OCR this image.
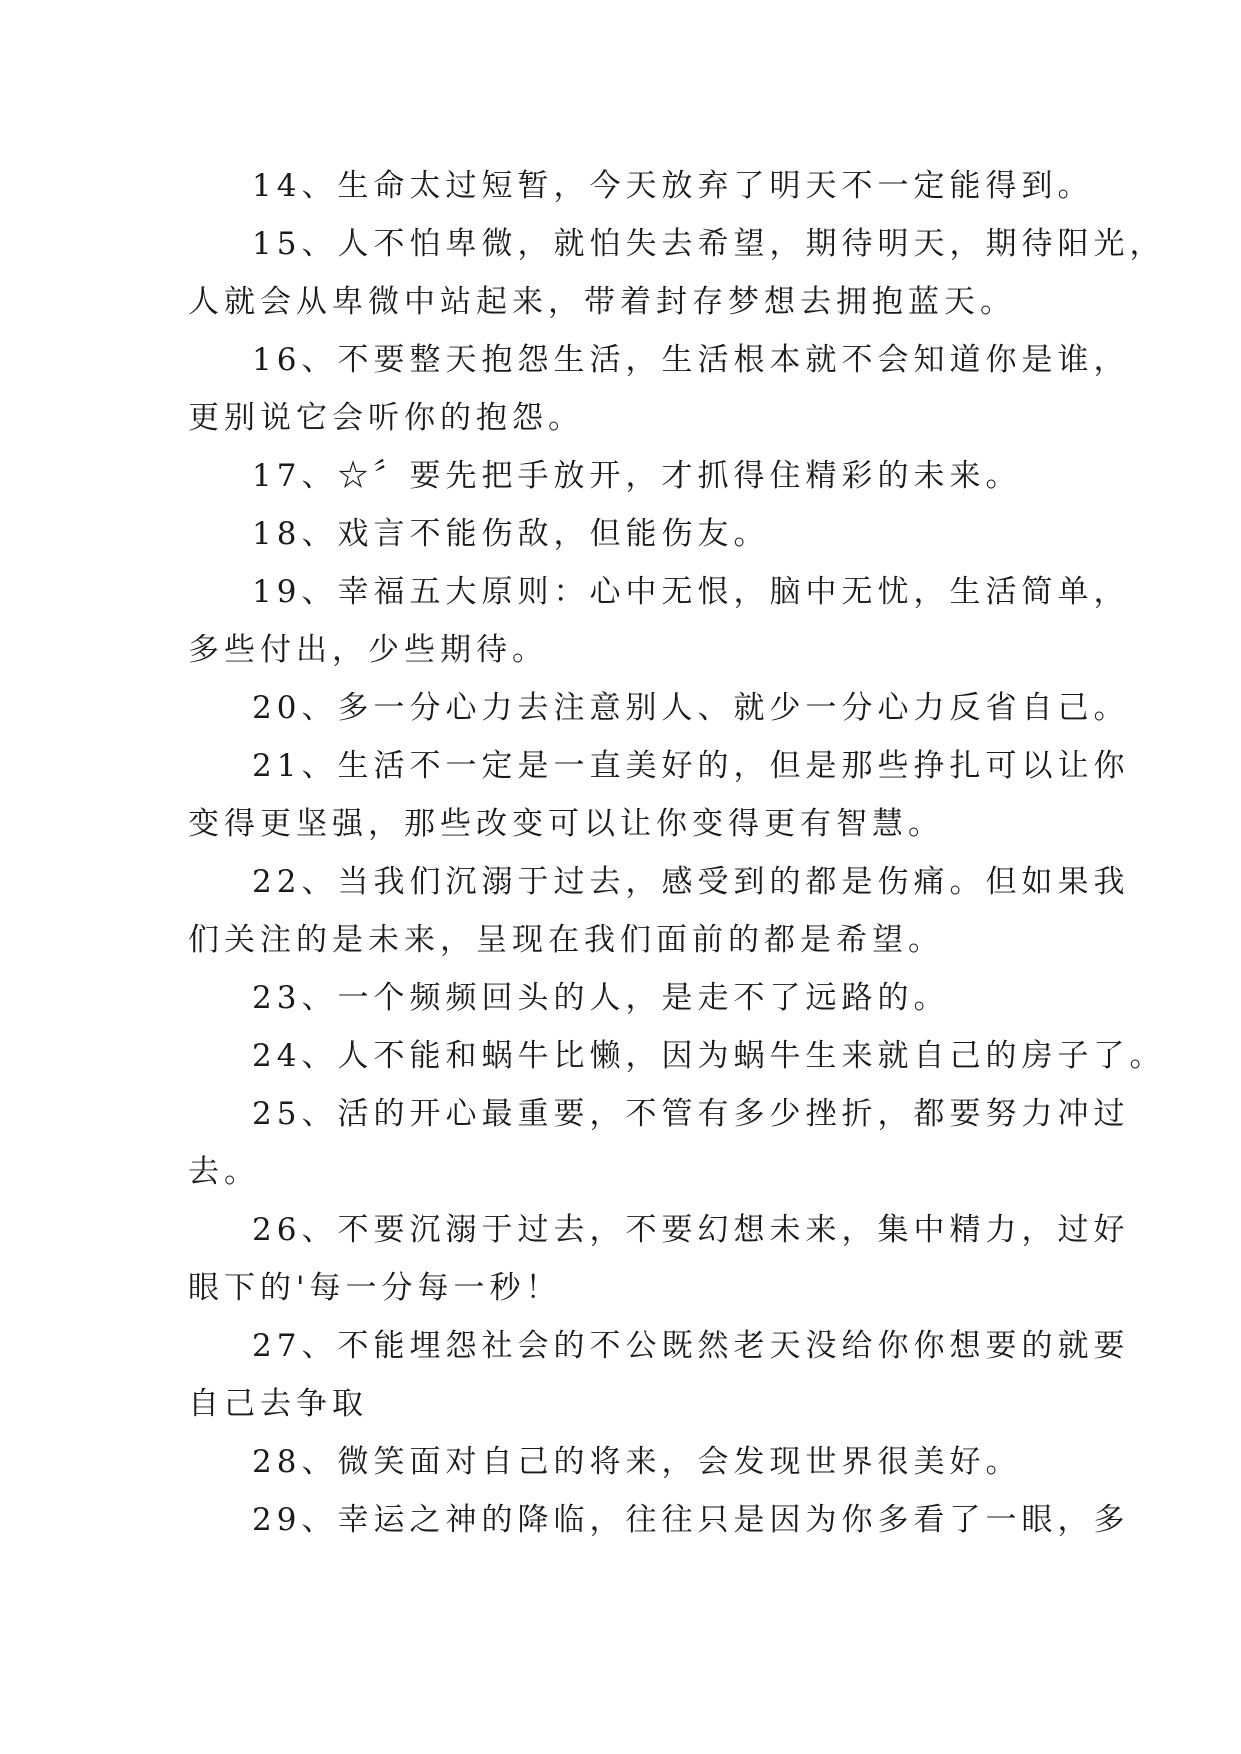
14、生命太过短暂，今天放弃了明天不一定能得到。
15、人不怕卑微，就怕失去希望，期待明天，期待阳光，
人就会从卑微中站起来，带着封存梦想去拥抱蓝天。
16、不要整天抱怨生活，生活根本就不会知道你是谁，
更别说它会听你的抱怨。
17、☆〞要先把手放开，才抓得住精彩的未来。
18、戏言不能伤敌，但能伤友。
19、幸福五大原则：心中无恨，脑中无忧，生活简单，
多些付出，少些期待。
20、多一分心力去注意别人、就少一分心力反省自己。
21、生活不一定是一直美好的，但是那些挣扎可以让你
变得更坚强，那些改变可以让你变得更有智慧。
22、当我们沉溺于过去，感受到的都是伤痛。但如果我
们关注的是未来，呈现在我们面前的都是希望。
23、一个频频回头的人，是走不了远路的。
24、人不能和蜗牛比懒，因为蜗牛生来就自己的房子了。
25、活的开心最重要，不管有多少挫折，都要努力冲过
去。
26、不要沉溺于过去，不要幻想未来，集中精力，过好
眼下的'每一分每一秒！
27、不能埋怨社会的不公既然老天没给你你想要的就要
自己去争取
28、微笑面对自己的将来，会发现世界很美好。
29、幸运之神的降临，往往只是因为你多看了一眼，多
